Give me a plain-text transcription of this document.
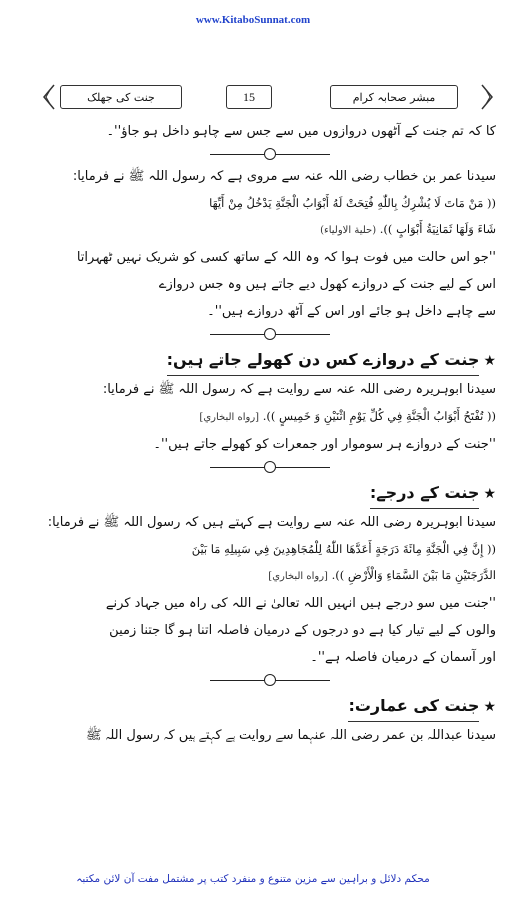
www.KitaboSunnat.com
جنت کی جھلک	15	مبشر صحابہ کرام

کا کہ تم جنت کے آٹھوں دروازوں میں سے جس سے چاہو داخل ہو جاؤ''۔

سیدنا عمر بن خطاب رضی اللہ عنہ سے مروی ہے کہ رسول اللہ ﷺ نے فرمایا:

(( مَنْ مَاتَ لَا يُشْرِكُ بِاللّٰهِ فُتِحَتْ لَهُ أَبْوَابُ الْجَنَّةِ يَدْخُلُ مِنْ أَيِّهَا

شَاءَ وَلَهَا ثَمَانِيَةُ أَبْوَابٍ )). (حلية الاولياء)

''جو اس حالت میں فوت ہوا کہ وہ اللہ کے ساتھ کسی کو شریک نہیں ٹھہراتا

اس کے لیے جنت کے دروازے کھول دیے جاتے ہیں وہ جس دروازے

سے چاہے داخل ہو جائے اور اس کے آٹھ دروازے ہیں''۔

★جنت کے دروازے کس دن کھولے جاتے ہیں:

سیدنا ابوہریرہ رضی اللہ عنہ سے روایت ہے کہ رسول اللہ ﷺ نے فرمایا:

(( تُفْتَحُ أَبْوَابُ الْجَنَّةِ فِي كُلِّ يَوْمِ اثْنَيْنِ وَ خَمِيسٍ )). [رواه البخاري]

''جنت کے دروازے ہر سوموار اور جمعرات کو کھولے جاتے ہیں''۔

★جنت کے درجے:

سیدنا ابوہریرہ رضی اللہ عنہ سے روایت ہے کہتے ہیں کہ رسول اللہ ﷺ نے فرمایا:

(( إِنَّ فِي الْجَنَّةِ مِائَةَ دَرَجَةٍ أَعَدَّهَا اللّٰهُ لِلْمُجَاهِدِينَ فِي سَبِيلِهِ مَا بَيْنَ

الدَّرَجَتَيْنِ مَا بَيْنَ السَّمَاءِ وَالْأَرْضِ )). [رواه البخاري]

''جنت میں سو درجے ہیں انہیں اللہ تعالیٰ نے اللہ کی راہ میں جہاد کرنے

والوں کے لیے تیار کیا ہے دو درجوں کے درمیان فاصلہ اتنا ہو گا جتنا زمین

اور آسمان کے درمیان فاصلہ ہے''۔

★جنت کی عمارت:

سیدنا عبداللہ بن عمر رضی اللہ عنہما سے روایت ہے کہتے ہیں کہ رسول اللہ ﷺ

محکم دلائل و براہین سے مزین متنوع و منفرد کتب پر مشتمل مفت آن لائن مکتبہ
